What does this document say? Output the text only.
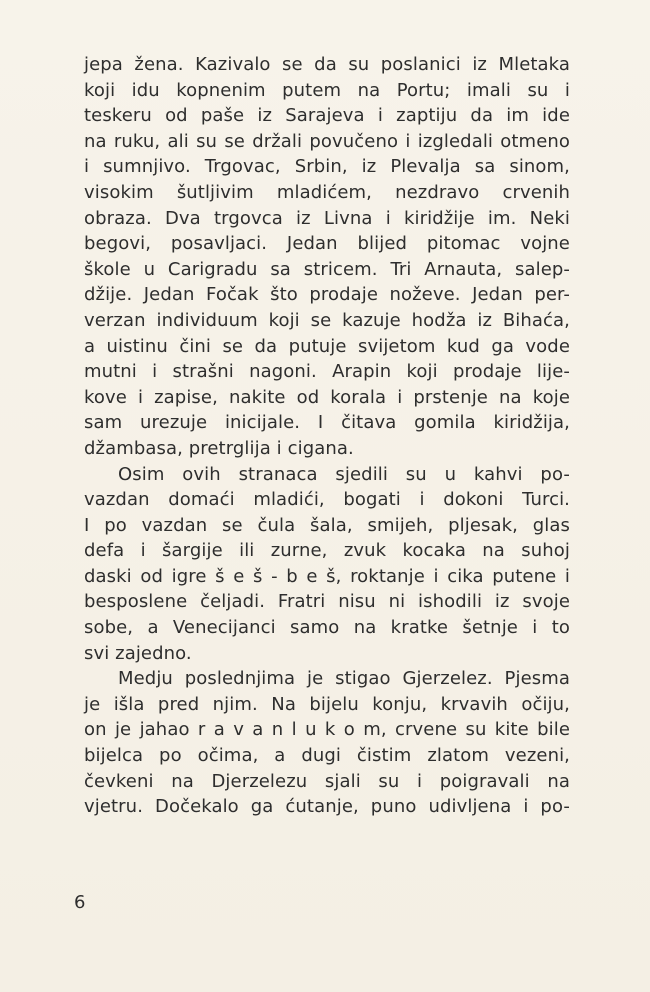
jepa žena. Kazivalo se da su poslanici iz Mletaka
koji idu kopnenim putem na Portu; imali su i
teskeru od paše iz Sarajeva i zaptiju da im ide
na ruku, ali su se držali povučeno i izgledali otmeno
i sumnjivo. Trgovac, Srbin, iz Plevalja sa sinom,
visokim šutljivim mladićem, nezdravo crvenih
obraza. Dva trgovca iz Livna i kiridžije im. Neki
begovi, posavljaci. Jedan blijed pitomac vojne
škole u Carigradu sa stricem. Tri Arnauta, salep-
džije. Jedan Fočak što prodaje noževe. Jedan per-
verzan individuum koji se kazuje hodža iz Bihaća,
a uistinu čini se da putuje svijetom kud ga vode
mutni i strašni nagoni. Arapin koji prodaje lije-
kove i zapise, nakite od korala i prstenje na koje
sam urezuje inicijale. I čitava gomila kiridžija,
džambasa, pretrglija i cigana.
Osim ovih stranaca sjedili su u kahvi po-
vazdan domaći mladići, bogati i dokoni Turci.
I po vazdan se čula šala, smijeh, pljesak, glas
defa i šargije ili zurne, zvuk kocaka na suhoj
daski od igre š e š - b e š, roktanje i cika putene i
besposlene čeljadi. Fratri nisu ni ishodili iz svoje
sobe, a Venecijanci samo na kratke šetnje i to
svi zajedno.
Medju poslednjima je stigao Gjerzelez. Pjesma
je išla pred njim. Na bijelu konju, krvavih očiju,
on je jahao r a v a n l u k o m, crvene su kite bile
bijelca po očima, a dugi čistim zlatom vezeni,
čevkeni na Djerzelezu sjali su i poigravali na
vjetru. Dočekalo ga ćutanje, puno udivljena i po-
6
